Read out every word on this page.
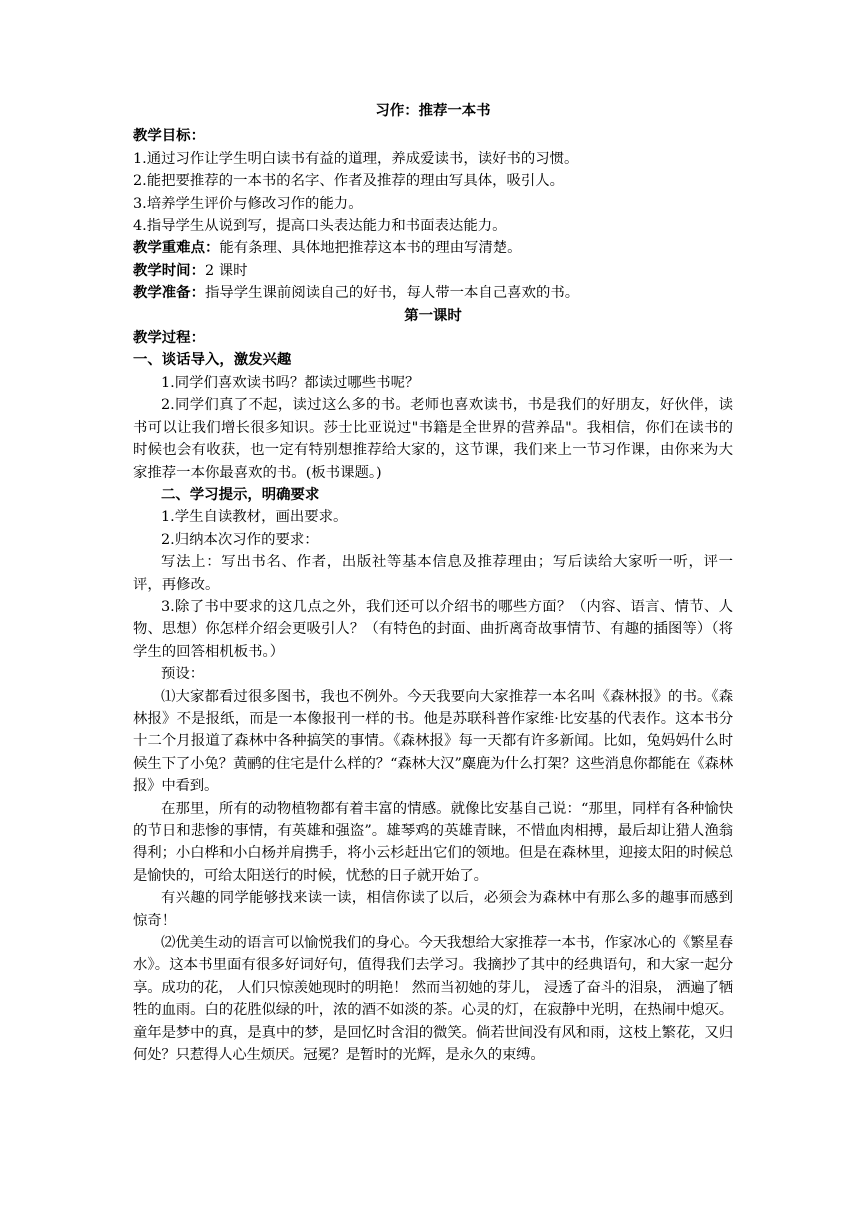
习作：推荐一本书

教学目标：

1.通过习作让学生明白读书有益的道理，养成爱读书，读好书的习惯。

2.能把要推荐的一本书的名字、作者及推荐的理由写具体，吸引人。

3.培养学生评价与修改习作的能力。

4.指导学生从说到写，提高口头表达能力和书面表达能力。

教学重难点：能有条理、具体地把推荐这本书的理由写清楚。

教学时间：2 课时

教学准备：指导学生课前阅读自己的好书，每人带一本自己喜欢的书。

第一课时

教学过程：

一、谈话导入，激发兴趣

1.同学们喜欢读书吗？都读过哪些书呢？

2.同学们真了不起，读过这么多的书。老师也喜欢读书，书是我们的好朋友，好伙伴，读书可以让我们增长很多知识。莎士比亚说过"书籍是全世界的营养品"。我相信，你们在读书的时候也会有收获，也一定有特别想推荐给大家的，这节课，我们来上一节习作课，由你来为大家推荐一本你最喜欢的书。(板书课题。)

二、学习提示，明确要求

1.学生自读教材，画出要求。

2.归纳本次习作的要求：

写法上：写出书名、作者，出版社等基本信息及推荐理由；写后读给大家听一听，评一评，再修改。

3.除了书中要求的这几点之外，我们还可以介绍书的哪些方面？（内容、语言、情节、人物、思想）你怎样介绍会更吸引人？（有特色的封面、曲折离奇故事情节、有趣的插图等）（将学生的回答相机板书。）

预设：

⑴大家都看过很多图书，我也不例外。今天我要向大家推荐一本名叫《森林报》的书。《森林报》不是报纸，而是一本像报刊一样的书。他是苏联科普作家维·比安基的代表作。这本书分十二个月报道了森林中各种搞笑的事情。《森林报》每一天都有许多新闻。比如，兔妈妈什么时候生下了小兔？黄鹂的住宅是什么样的？“森林大汉”麋鹿为什么打架？这些消息你都能在《森林报》中看到。

在那里，所有的动物植物都有着丰富的情感。就像比安基自己说：“那里，同样有各种愉快的节日和悲惨的事情，有英雄和强盗”。雄琴鸡的英雄青睐，不惜血肉相搏，最后却让猎人渔翁得利；小白桦和小白杨并肩携手，将小云杉赶出它们的领地。但是在森林里，迎接太阳的时候总是愉快的，可给太阳送行的时候，忧愁的日子就开始了。

有兴趣的同学能够找来读一读，相信你读了以后，必须会为森林中有那么多的趣事而感到惊奇！

⑵优美生动的语言可以愉悦我们的身心。今天我想给大家推荐一本书，作家冰心的《繁星春水》。这本书里面有很多好词好句，值得我们去学习。我摘抄了其中的经典语句，和大家一起分享。成功的花， 人们只惊羡她现时的明艳！ 然而当初她的芽儿， 浸透了奋斗的泪泉， 洒遍了牺牲的血雨。白的花胜似绿的叶，浓的酒不如淡的茶。心灵的灯，在寂静中光明，在热闹中熄灭。童年是梦中的真，是真中的梦，是回忆时含泪的微笑。倘若世间没有风和雨，这枝上繁花，又归何处？只惹得人心生烦厌。冠冕？是暂时的光辉，是永久的束缚。
